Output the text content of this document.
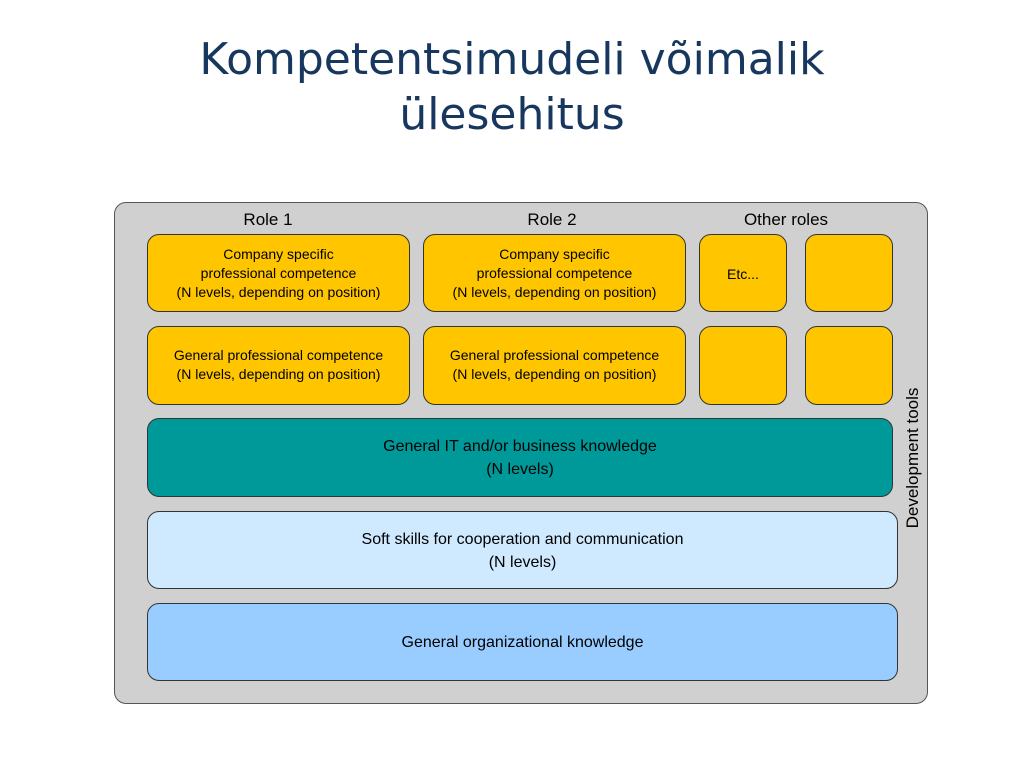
Kompetentsimudeli võimalik
ülesehitus
Role 1	Role 2	Other roles
Company specific
professional competence
(N levels, depending on position)
Company specific
professional competence
(N levels, depending on position)
Etc...
General professional competence
(N levels, depending on position)
General professional competence
(N levels, depending on position)
General IT and/or business knowledge
(N levels)
Soft skills for cooperation and communication
(N levels)
General organizational knowledge
Development tools
